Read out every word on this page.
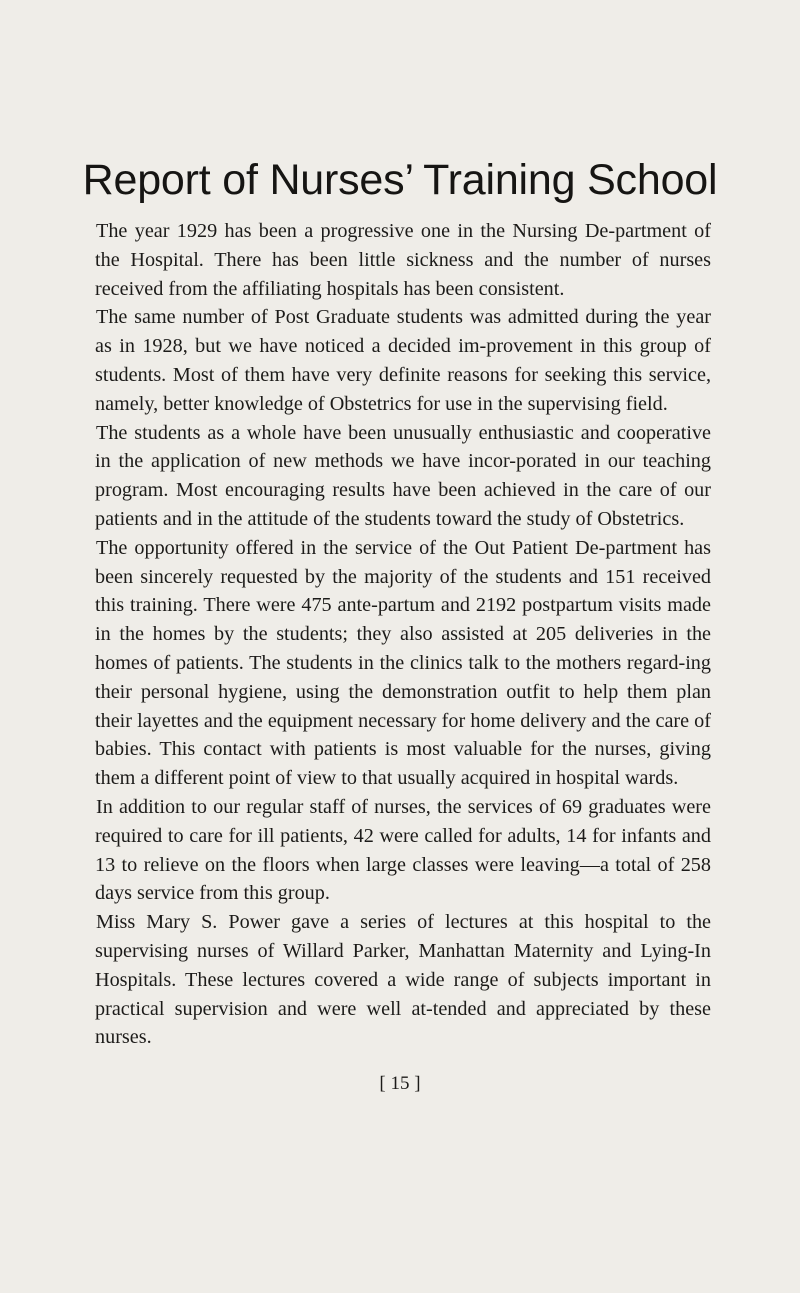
Report of Nurses’ Training School

The year 1929 has been a progressive one in the Nursing De-partment of the Hospital. There has been little sickness and the number of nurses received from the affiliating hospitals has been consistent.

The same number of Post Graduate students was admitted during the year as in 1928, but we have noticed a decided im-provement in this group of students. Most of them have very definite reasons for seeking this service, namely, better knowledge of Obstetrics for use in the supervising field.

The students as a whole have been unusually enthusiastic and cooperative in the application of new methods we have incor-porated in our teaching program. Most encouraging results have been achieved in the care of our patients and in the attitude of the students toward the study of Obstetrics.

The opportunity offered in the service of the Out Patient De-partment has been sincerely requested by the majority of the students and 151 received this training. There were 475 ante-partum and 2192 postpartum visits made in the homes by the students; they also assisted at 205 deliveries in the homes of patients. The students in the clinics talk to the mothers regard-ing their personal hygiene, using the demonstration outfit to help them plan their layettes and the equipment necessary for home delivery and the care of babies. This contact with patients is most valuable for the nurses, giving them a different point of view to that usually acquired in hospital wards.

In addition to our regular staff of nurses, the services of 69 graduates were required to care for ill patients, 42 were called for adults, 14 for infants and 13 to relieve on the floors when large classes were leaving—a total of 258 days service from this group.

Miss Mary S. Power gave a series of lectures at this hospital to the supervising nurses of Willard Parker, Manhattan Maternity and Lying-In Hospitals. These lectures covered a wide range of subjects important in practical supervision and were well at-tended and appreciated by these nurses.

[ 15 ]
